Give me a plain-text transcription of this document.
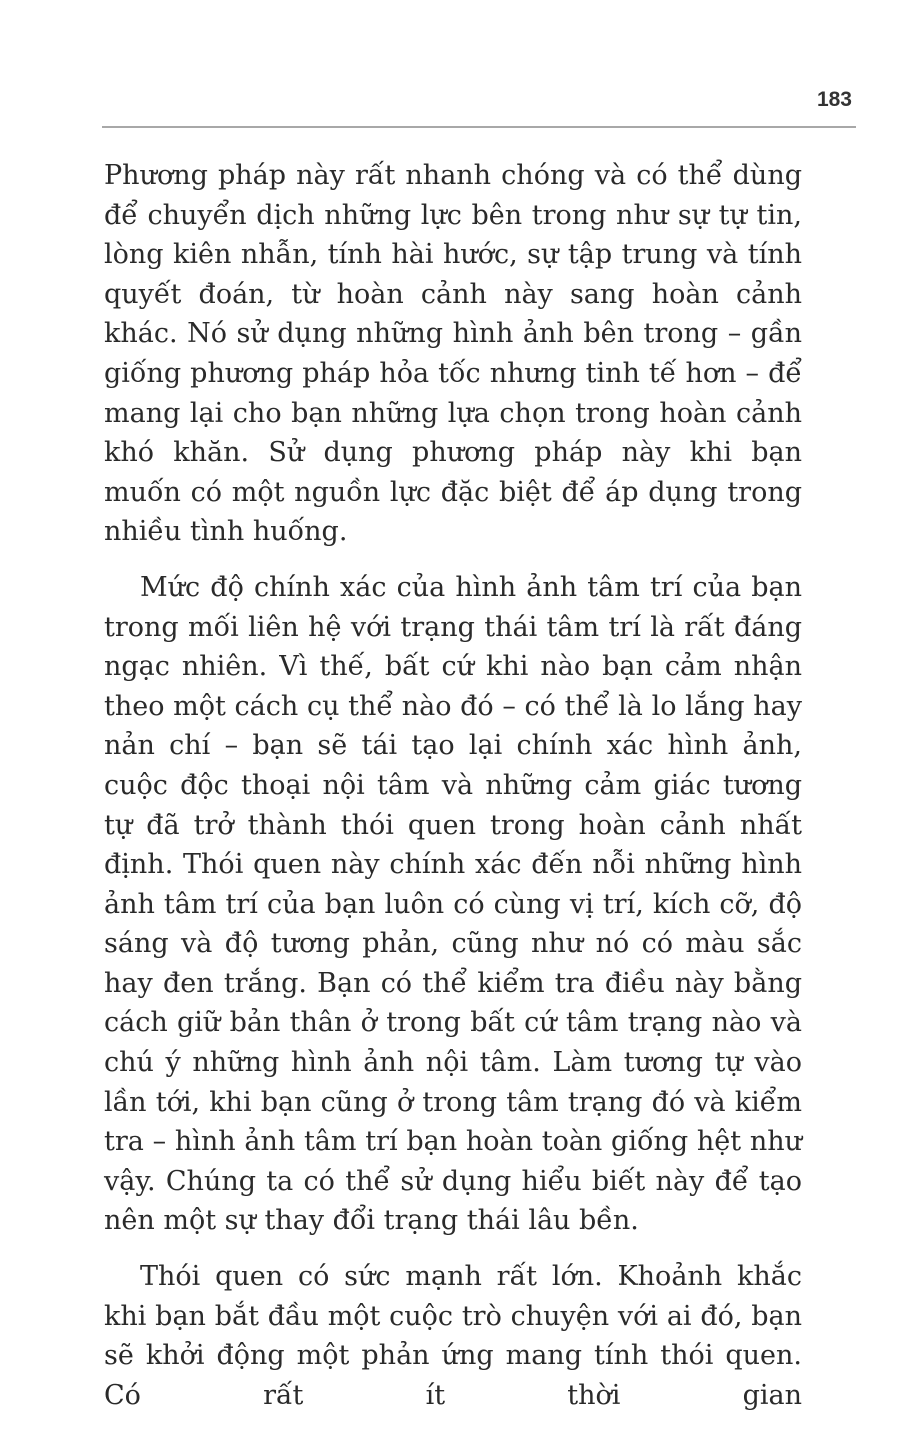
183

Phương pháp này rất nhanh chóng và có thể dùng để chuyển dịch những lực bên trong như sự tự tin, lòng kiên nhẫn, tính hài hước, sự tập trung và tính quyết đoán, từ hoàn cảnh này sang hoàn cảnh khác. Nó sử dụng những hình ảnh bên trong – gần giống phương pháp hỏa tốc nhưng tinh tế hơn – để mang lại cho bạn những lựa chọn trong hoàn cảnh khó khăn. Sử dụng phương pháp này khi bạn muốn có một nguồn lực đặc biệt để áp dụng trong nhiều tình huống.

Mức độ chính xác của hình ảnh tâm trí của bạn trong mối liên hệ với trạng thái tâm trí là rất đáng ngạc nhiên. Vì thế, bất cứ khi nào bạn cảm nhận theo một cách cụ thể nào đó – có thể là lo lắng hay nản chí – bạn sẽ tái tạo lại chính xác hình ảnh, cuộc độc thoại nội tâm và những cảm giác tương tự đã trở thành thói quen trong hoàn cảnh nhất định. Thói quen này chính xác đến nỗi những hình ảnh tâm trí của bạn luôn có cùng vị trí, kích cỡ, độ sáng và độ tương phản, cũng như nó có màu sắc hay đen trắng. Bạn có thể kiểm tra điều này bằng cách giữ bản thân ở trong bất cứ tâm trạng nào và chú ý những hình ảnh nội tâm. Làm tương tự vào lần tới, khi bạn cũng ở trong tâm trạng đó và kiểm tra – hình ảnh tâm trí bạn hoàn toàn giống hệt như vậy. Chúng ta có thể sử dụng hiểu biết này để tạo nên một sự thay đổi trạng thái lâu bền.

Thói quen có sức mạnh rất lớn. Khoảnh khắc khi bạn bắt đầu một cuộc trò chuyện với ai đó, bạn sẽ khởi động một phản ứng mang tính thói quen. Có rất ít thời gian
